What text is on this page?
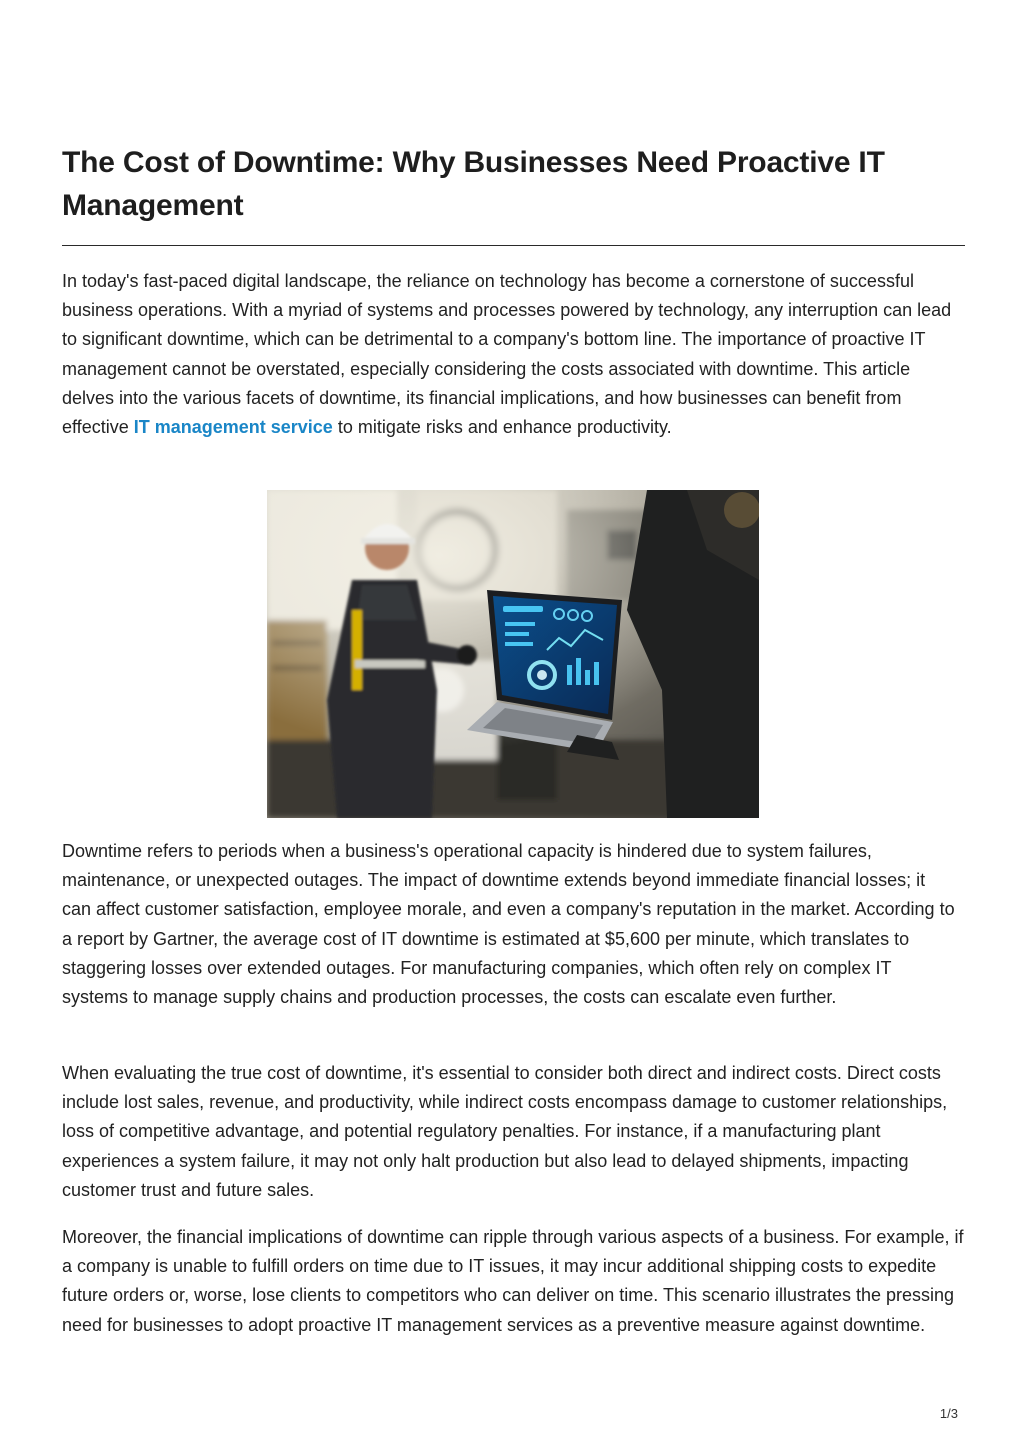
The Cost of Downtime: Why Businesses Need Proactive IT Management

In today's fast-paced digital landscape, the reliance on technology has become a cornerstone of successful business operations. With a myriad of systems and processes powered by technology, any interruption can lead to significant downtime, which can be detrimental to a company's bottom line. The importance of proactive IT management cannot be overstated, especially considering the costs associated with downtime. This article delves into the various facets of downtime, its financial implications, and how businesses can benefit from effective IT management service to mitigate risks and enhance productivity.

Downtime refers to periods when a business's operational capacity is hindered due to system failures, maintenance, or unexpected outages. The impact of downtime extends beyond immediate financial losses; it can affect customer satisfaction, employee morale, and even a company's reputation in the market. According to a report by Gartner, the average cost of IT downtime is estimated at $5,600 per minute, which translates to staggering losses over extended outages. For manufacturing companies, which often rely on complex IT systems to manage supply chains and production processes, the costs can escalate even further.

When evaluating the true cost of downtime, it's essential to consider both direct and indirect costs. Direct costs include lost sales, revenue, and productivity, while indirect costs encompass damage to customer relationships, loss of competitive advantage, and potential regulatory penalties. For instance, if a manufacturing plant experiences a system failure, it may not only halt production but also lead to delayed shipments, impacting customer trust and future sales.

Moreover, the financial implications of downtime can ripple through various aspects of a business. For example, if a company is unable to fulfill orders on time due to IT issues, it may incur additional shipping costs to expedite future orders or, worse, lose clients to competitors who can deliver on time. This scenario illustrates the pressing need for businesses to adopt proactive IT management services as a preventive measure against downtime.

1/3
